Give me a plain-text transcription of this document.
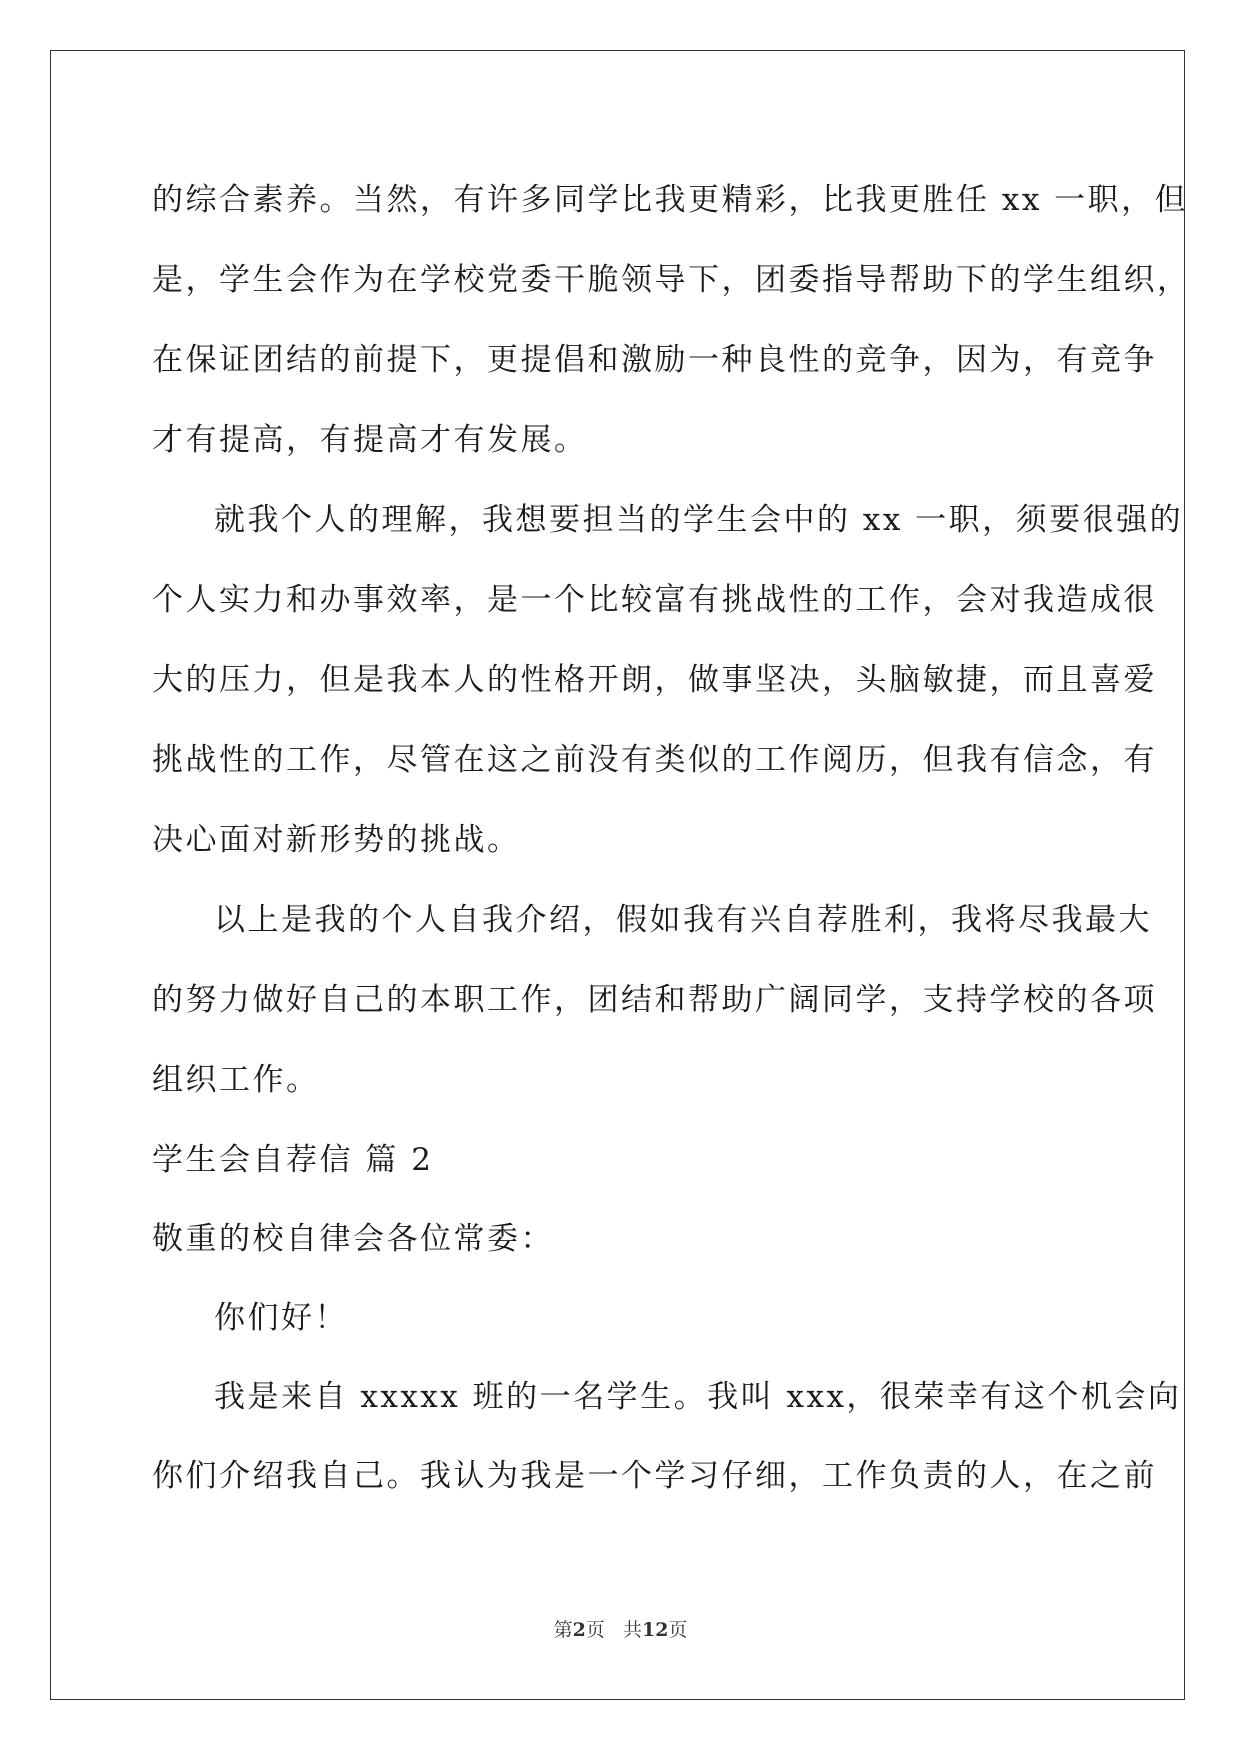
的综合素养。当然，有许多同学比我更精彩，比我更胜任 xx 一职，但
是，学生会作为在学校党委干脆领导下，团委指导帮助下的学生组织，
在保证团结的前提下，更提倡和激励一种良性的竞争，因为，有竞争
才有提高，有提高才有发展。
就我个人的理解，我想要担当的学生会中的 xx 一职，须要很强的
个人实力和办事效率，是一个比较富有挑战性的工作，会对我造成很
大的压力，但是我本人的性格开朗，做事坚决，头脑敏捷，而且喜爱
挑战性的工作，尽管在这之前没有类似的工作阅历，但我有信念，有
决心面对新形势的挑战。
以上是我的个人自我介绍，假如我有兴自荐胜利，我将尽我最大
的努力做好自己的本职工作，团结和帮助广阔同学，支持学校的各项
组织工作。
学生会自荐信 篇 2
敬重的校自律会各位常委：
你们好！
我是来自 xxxxx 班的一名学生。我叫 xxx，很荣幸有这个机会向
你们介绍我自己。我认为我是一个学习仔细，工作负责的人，在之前
第2页 共12页
